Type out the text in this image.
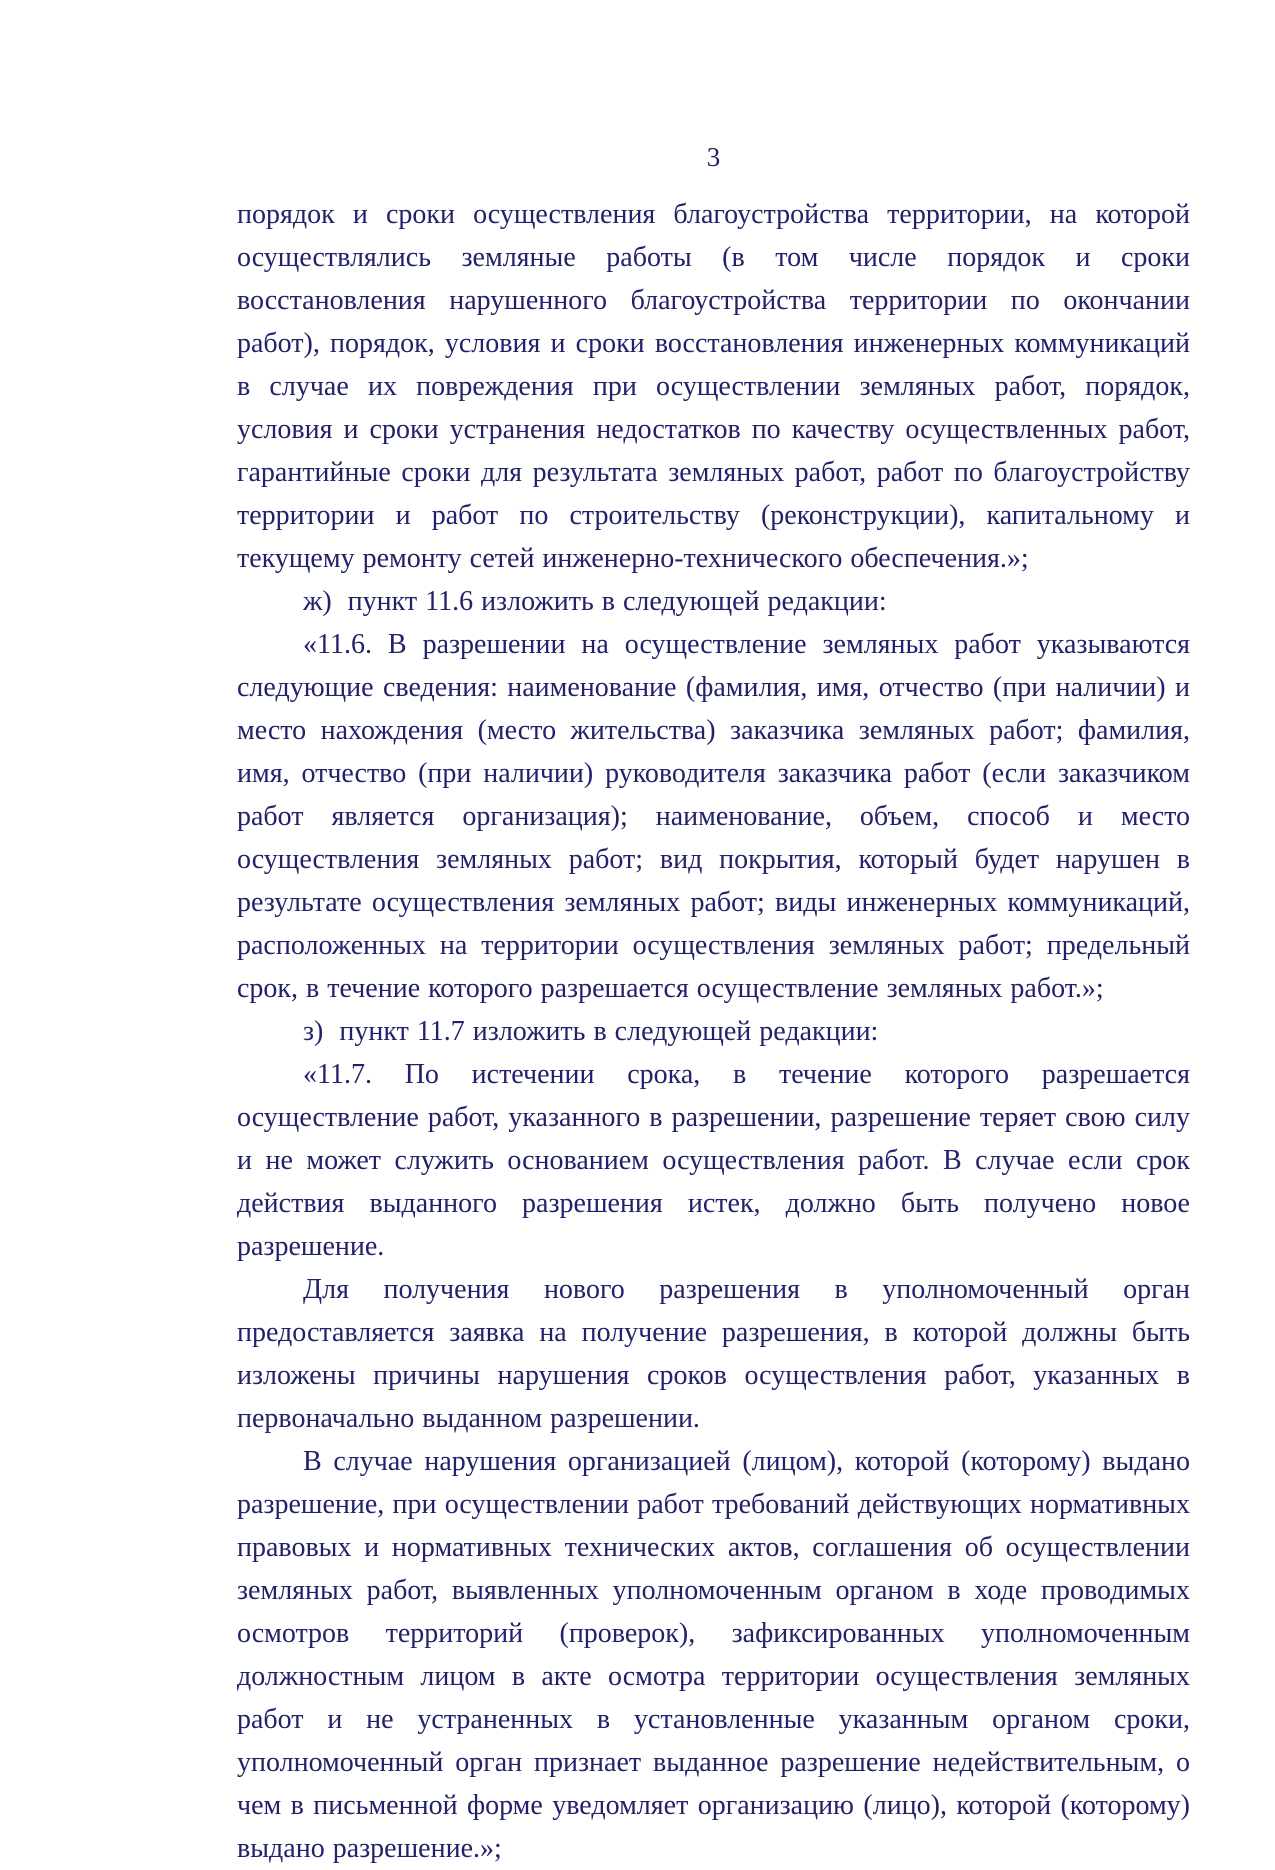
3

порядок и сроки осуществления благоустройства территории, на которой осуществлялись земляные работы (в том числе порядок и сроки восстановления нарушенного благоустройства территории по окончании работ), порядок, условия и сроки восстановления инженерных коммуникаций в случае их повреждения при осуществлении земляных работ, порядок, условия и сроки устранения недостатков по качеству осуществленных работ, гарантийные сроки для результата земляных работ, работ по благоустройству территории и работ по строительству (реконструкции), капитальному и текущему ремонту сетей инженерно-технического обеспечения.»;

ж)  пункт 11.6 изложить в следующей редакции:

«11.6. В разрешении на осуществление земляных работ указываются следующие сведения: наименование (фамилия, имя, отчество (при наличии) и место нахождения (место жительства) заказчика земляных работ; фамилия, имя, отчество (при наличии) руководителя заказчика работ (если заказчиком работ является организация); наименование, объем, способ и место осуществления земляных работ; вид покрытия, который будет нарушен в результате осуществления земляных работ; виды инженерных коммуникаций, расположенных на территории осуществления земляных работ; предельный срок, в течение которого разрешается осуществление земляных работ.»;

з)  пункт 11.7 изложить в следующей редакции:

«11.7. По истечении срока, в течение которого разрешается осуществление работ, указанного в разрешении, разрешение теряет свою силу и не может служить основанием осуществления работ. В случае если срок действия выданного разрешения истек, должно быть получено новое разрешение.

Для получения нового разрешения в уполномоченный орган предоставляется заявка на получение разрешения, в которой должны быть изложены причины нарушения сроков осуществления работ, указанных в первоначально выданном разрешении.

В случае нарушения организацией (лицом), которой (которому) выдано разрешение, при осуществлении работ требований действующих нормативных правовых и нормативных технических актов, соглашения об осуществлении земляных работ, выявленных уполномоченным органом в ходе проводимых осмотров территорий (проверок), зафиксированных уполномоченным должностным лицом в акте осмотра территории осуществления земляных работ и не устраненных в установленные указанным органом сроки, уполномоченный орган признает выданное разрешение недействительным, о чем в письменной форме уведомляет организацию (лицо), которой (которому) выдано разрешение.»;
